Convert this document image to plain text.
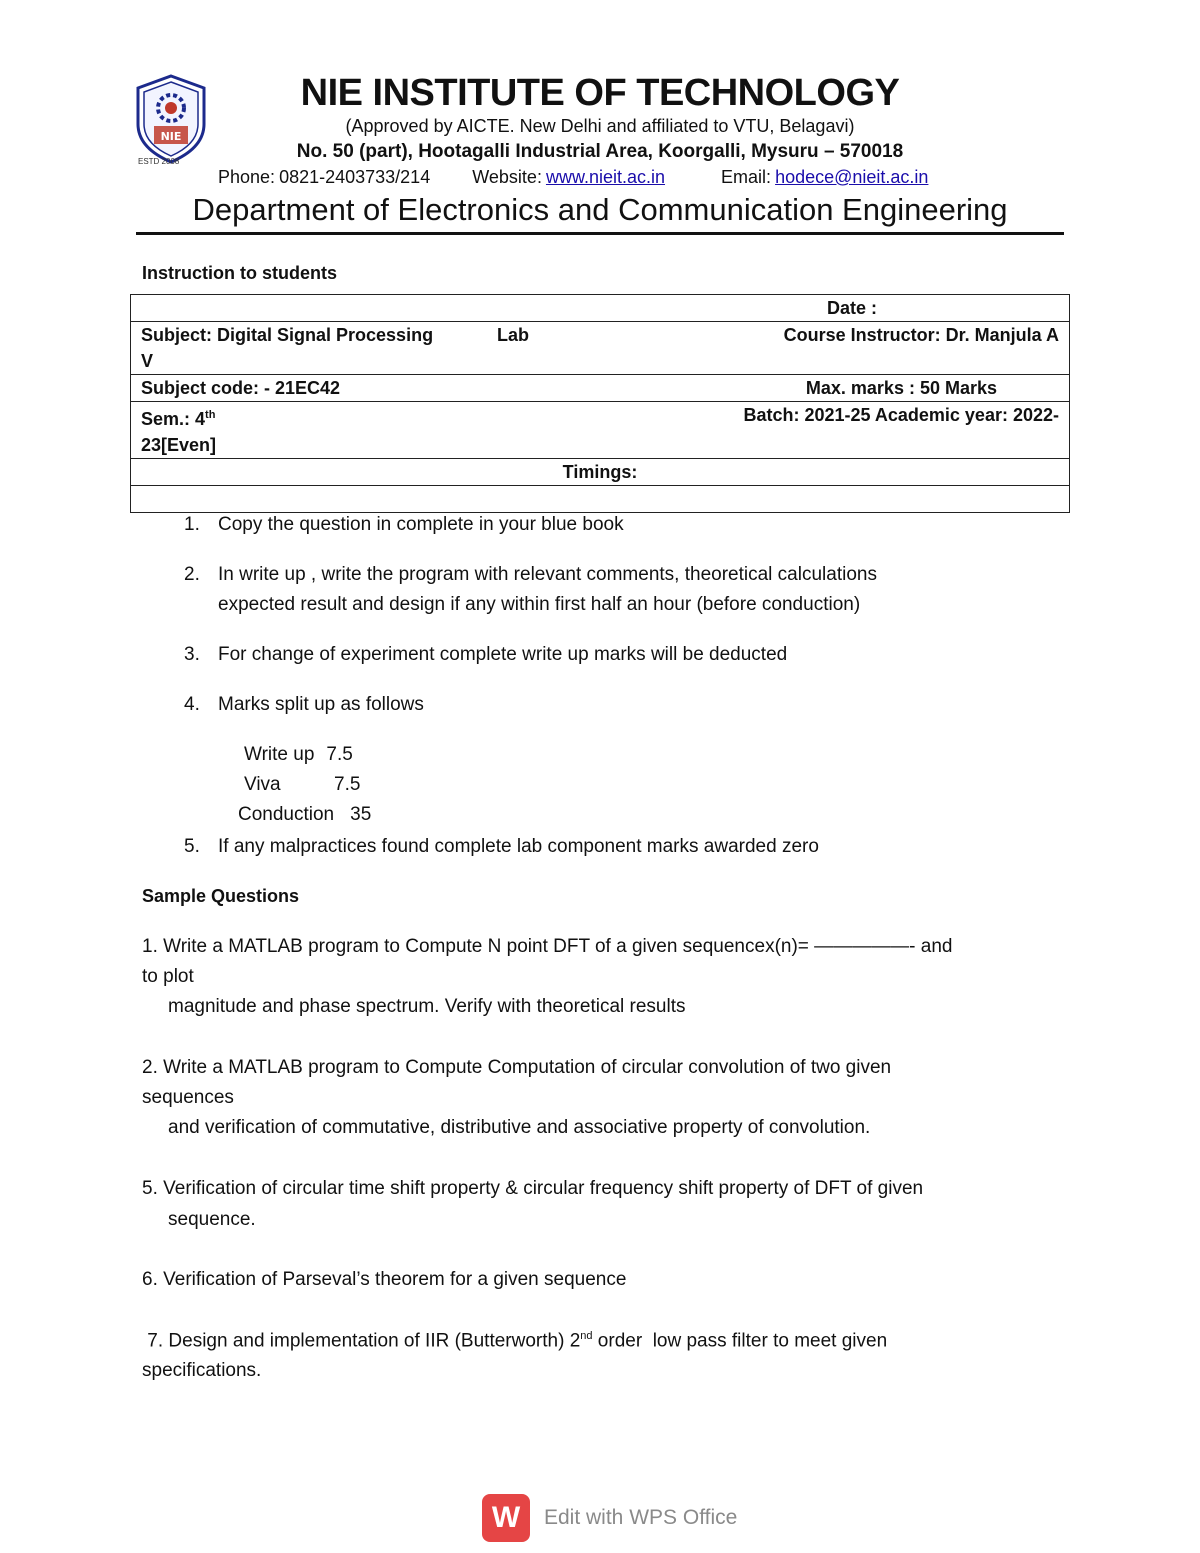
NIE
ESTD 2008
NIE INSTITUTE OF TECHNOLOGY
(Approved by AICTE. New Delhi and affiliated to VTU, Belagavi)
No. 50 (part), Hootagalli Industrial Area, Koorgalli, Mysuru – 570018
Phone: 0821-2403733/214 Website: www.nieit.ac.in	Email: hodece@nieit.ac.in
Department of Electronics and Communication Engineering
Instruction to students
Date :

Subject: Digital Signal Processing	Lab	Course Instructor: Dr. Manjula A
V

Subject code: - 21EC42	Max. marks : 50 Marks

Sem.: 4th	Batch: 2021-25 Academic year: 2022-
23[Even]

Timings:

1. Copy the question in complete in your blue book
2. In write up , write the program with relevant comments, theoretical calculations
expected result and design if any within first half an hour (before conduction)
3. For change of experiment complete write up marks will be deducted
4. Marks split up as follows
Write up 7.5
Viva	7.5
Conduction 35
5. If any malpractices found complete lab component marks awarded zero
Sample Questions
1. Write a MATLAB program to Compute N point DFT of a given sequencex(n)= —————- and
to plot
magnitude and phase spectrum. Verify with theoretical results
2. Write a MATLAB program to Compute Computation of circular convolution of two given
sequences
and verification of commutative, distributive and associative property of convolution.
5. Verification of circular time shift property & circular frequency shift property of DFT of given
sequence.
6. Verification of Parseval’s theorem for a given sequence
7. Design and implementation of IIR (Butterworth) 2nd order  low pass filter to meet given
specifications.
W	Edit with WPS Office
